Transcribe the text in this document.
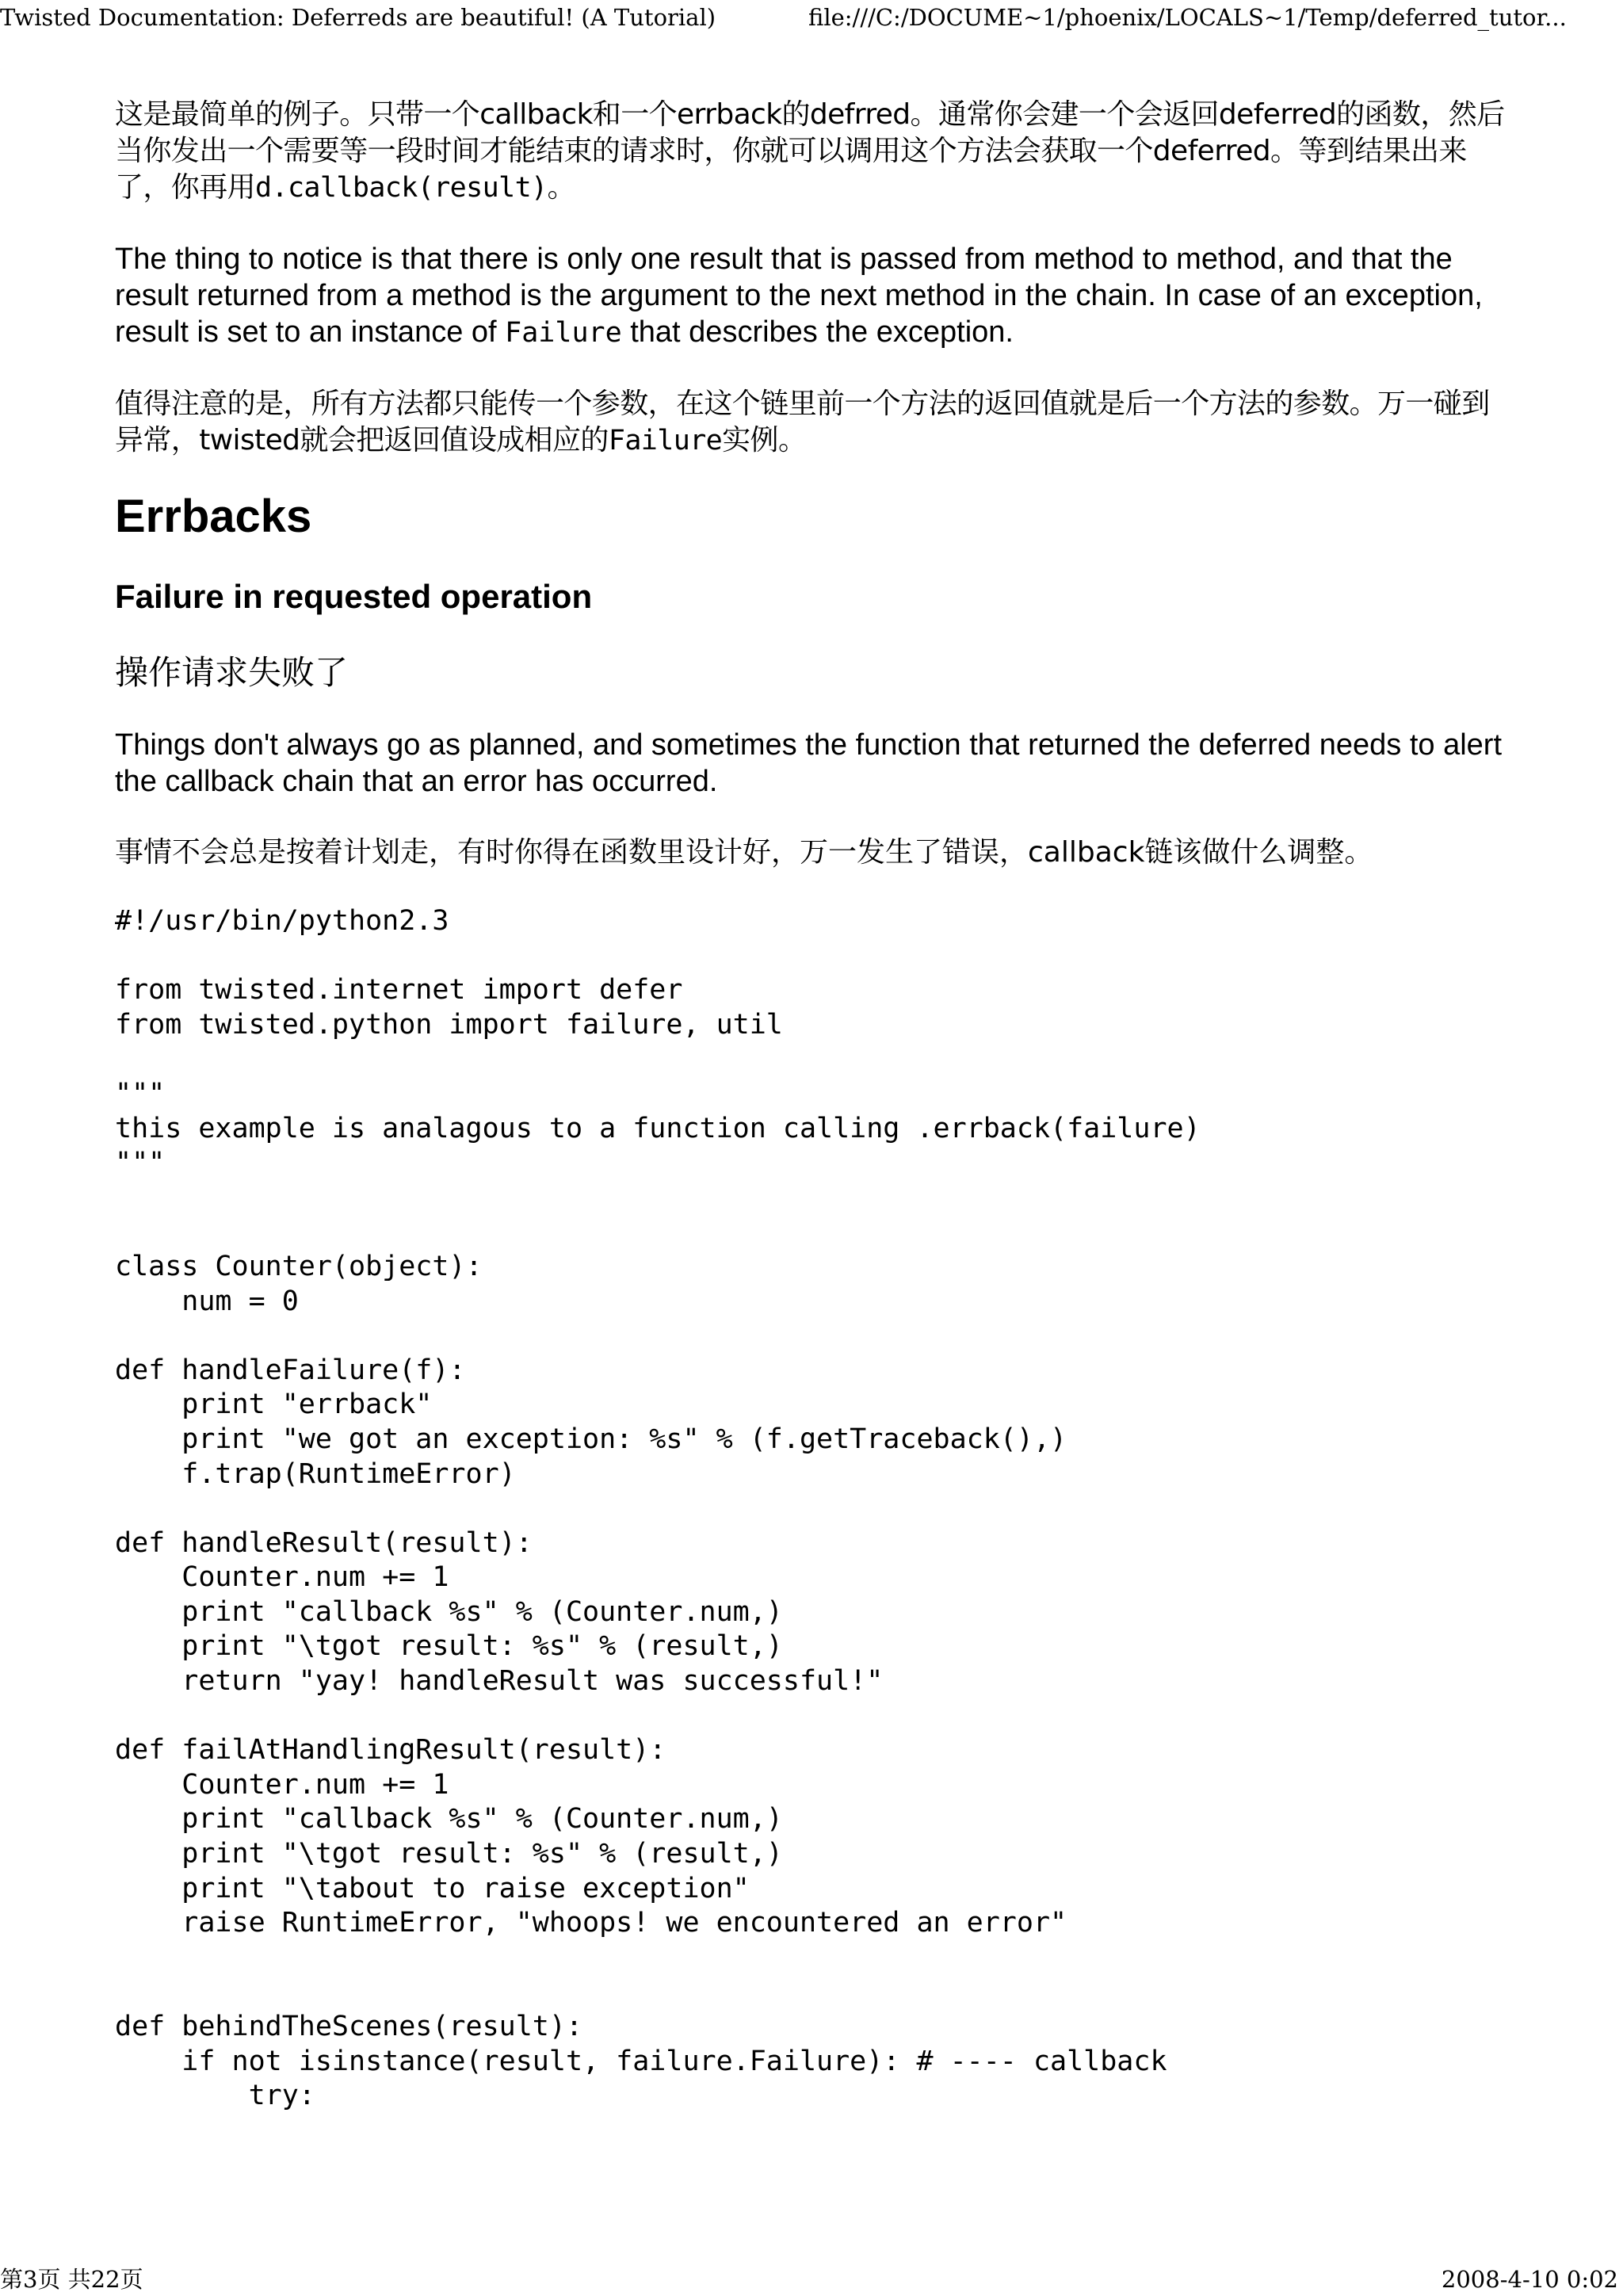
Twisted Documentation: Deferreds are beautiful! (A Tutorial)	file:///C:/DOCUME~1/phoenix/LOCALS~1/Temp/deferred_tutor...

这是最简单的例子。只带一个callback和一个errback的defrred。通常你会建一个会返回deferred的函数，然后当你发出一个需要等一段时间才能结束的请求时，你就可以调用这个方法会获取一个deferred。等到结果出来了，你再用d.callback(result)。

The thing to notice is that there is only one result that is passed from method to method, and that the result returned from a method is the argument to the next method in the chain. In case of an exception, result is set to an instance of Failure that describes the exception.

值得注意的是，所有方法都只能传一个参数，在这个链里前一个方法的返回值就是后一个方法的参数。万一碰到异常，twisted就会把返回值设成相应的Failure实例。

Errbacks
Failure in requested operation
操作请求失败了

Things don't always go as planned, and sometimes the function that returned the deferred needs to alert the callback chain that an error has occurred.

事情不会总是按着计划走，有时你得在函数里设计好，万一发生了错误，callback链该做什么调整。

#!/usr/bin/python2.3

from twisted.internet import defer
from twisted.python import failure, util

"""
this example is analagous to a function calling .errback(failure)
"""

class Counter(object):
num = 0

def handleFailure(f):
print "errback"
print "we got an exception: %s" % (f.getTraceback(),)
f.trap(RuntimeError)

def handleResult(result):
Counter.num += 1
print "callback %s" % (Counter.num,)
print "\tgot result: %s" % (result,)
return "yay! handleResult was successful!"

def failAtHandlingResult(result):
Counter.num += 1
print "callback %s" % (Counter.num,)
print "\tgot result: %s" % (result,)
print "\tabout to raise exception"
raise RuntimeError, "whoops! we encountered an error"

def behindTheScenes(result):
if not isinstance(result, failure.Failure): # ---- callback
try:
第3页 共22页	2008-4-10 0:02
